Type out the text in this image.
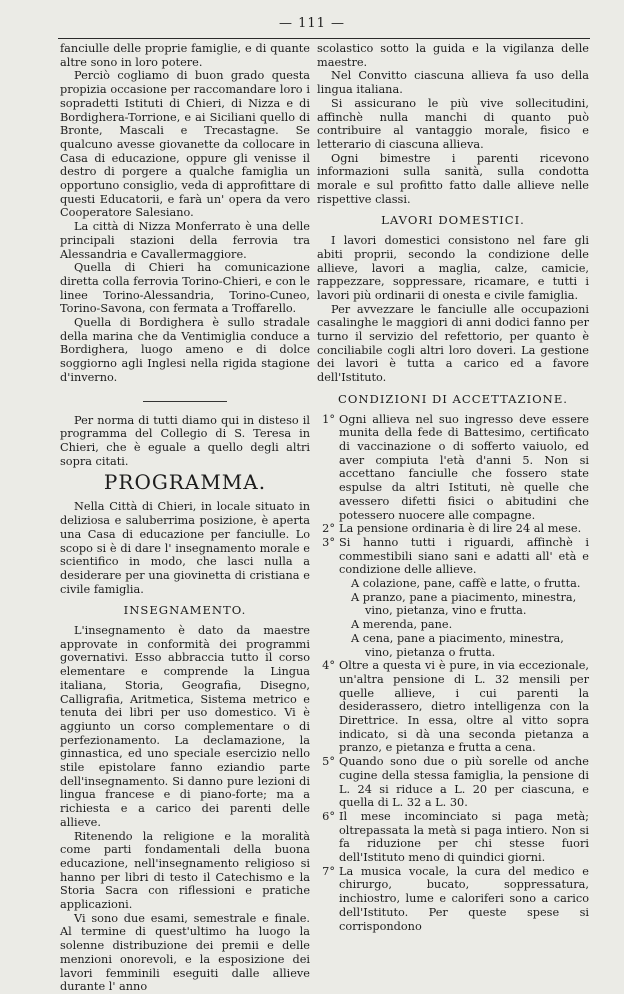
— 111 —

fanciulle delle proprie famiglie, e di quante altre sono in loro potere.

Perciò cogliamo di buon grado questa propizia occasione per raccomandare loro i sopradetti Istituti di Chieri, di Nizza e di Bordighera-Torrione, e ai Siciliani quello di Bronte, Mascali e Trecastagne. Se qualcuno avesse giovanette da collocare in Casa di educazione, oppure gli venisse il destro di porgere a qualche famiglia un opportuno consiglio, veda di approfittare di questi Educatorii, e farà un' opera da vero Cooperatore Salesiano.

La città di Nizza Monferrato è una delle principali stazioni della ferrovia tra Alessandria e Cavallermaggiore.

Quella di Chieri ha comunicazione diretta colla ferrovia Torino-Chieri, e con le linee Torino-Alessandria, Torino-Cuneo, Torino-Savona, con fermata a Troffarello.

Quella di Bordighera è sullo stradale della marina che da Ventimiglia conduce a Bordighera, luogo ameno e di dolce soggiorno agli Inglesi nella rigida stagione d'inverno.

Per norma di tutti diamo qui in disteso il programma del Collegio di S. Teresa in Chieri, che è eguale a quello degli altri sopra citati.

PROGRAMMA.

Nella Città di Chieri, in locale situato in deliziosa e saluberrima posizione, è aperta una Casa di educazione per fanciulle. Lo scopo si è di dare l' insegnamento morale e scientifico in modo, che lasci nulla a desiderare per una giovinetta di cristiana e civile famiglia.

INSEGNAMENTO.

L'insegnamento è dato da maestre approvate in conformità dei programmi governativi. Esso abbraccia tutto il corso elementare e comprende la Lingua italiana, Storia, Geografia, Disegno, Calligrafia, Aritmetica, Sistema metrico e tenuta dei libri per uso domestico. Vi è aggiunto un corso complementare o di perfezionamento. La declamazione, la ginnastica, ed uno speciale esercizio nello stile epistolare fanno eziandio parte dell'insegnamento. Si danno pure lezioni di lingua francese e di piano-forte; ma a richiesta e a carico dei parenti delle allieve.

Ritenendo la religione e la moralità come parti fondamentali della buona educazione, nell'insegnamento religioso si hanno per libri di testo il Catechismo e la Storia Sacra con riflessioni e pratiche applicazioni.

Vi sono due esami, semestrale e finale. Al termine di quest'ultimo ha luogo la solenne distribuzione dei premii e delle menzioni onorevoli, e la esposizione dei lavori femminili eseguiti dalle allieve durante l' anno

scolastico sotto la guida e la vigilanza delle maestre.

Nel Convitto ciascuna allieva fa uso della lingua italiana.

Si assicurano le più vive sollecitudini, affinchè nulla manchi di quanto può contribuire al vantaggio morale, fisico e letterario di ciascuna allieva.

Ogni bimestre i parenti ricevono informazioni sulla sanità, sulla condotta morale e sul profitto fatto dalle allieve nelle rispettive classi.

LAVORI DOMESTICI.

I lavori domestici consistono nel fare gli abiti proprii, secondo la condizione delle allieve, lavori a maglia, calze, camicie, rappezzare, soppressare, ricamare, e tutti i lavori più ordinarii di onesta e civile famiglia.

Per avvezzare le fanciulle alle occupazioni casalinghe le maggiori di anni dodici fanno per turno il servizio del refettorio, per quanto è conciliabile cogli altri loro doveri. La gestione dei lavori è tutta a carico ed a favore dell'Istituto.

CONDIZIONI DI ACCETTAZIONE.
1° Ogni allieva nel suo ingresso deve essere munita della fede di Battesimo, certificato di vaccinazione o di sofferto vaiuolo, ed aver compiuta l'età d'anni 5. Non si accettano fanciulle che fossero state espulse da altri Istituti, nè quelle che avessero difetti fisici o abitudini che potessero nuocere alle compagne.
2° La pensione ordinaria è di lire 24 al mese.
3° Si hanno tutti i riguardi, affinchè i commestibili siano sani e adatti all' età e condizione delle allieve.
A colazione, pane, caffè e latte, o frutta.
A pranzo, pane a piacimento, minestra,
vino, pietanza, vino e frutta.
A merenda, pane.
A cena, pane a piacimento, minestra,
vino, pietanza o frutta.
4° Oltre a questa vi è pure, in via eccezionale, un'altra pensione di L. 32 mensili per quelle allieve, i cui parenti la desiderassero, dietro intelligenza con la Direttrice. In essa, oltre al vitto sopra indicato, si dà una seconda pietanza a pranzo, e pietanza e frutta a cena.
5° Quando sono due o più sorelle od anche cugine della stessa famiglia, la pensione di L. 24 si riduce a L. 20 per ciascuna, e quella di L. 32 a L. 30.
6° Il mese incominciato si paga metà; oltrepassata la metà si paga intiero. Non si fa riduzione per chi stesse fuori dell'Istituto meno di quindici giorni.
7° La musica vocale, la cura del medico e chirurgo, bucato, soppressatura, inchiostro, lume e caloriferi sono a carico dell'Istituto. Per queste spese si corrispondono
